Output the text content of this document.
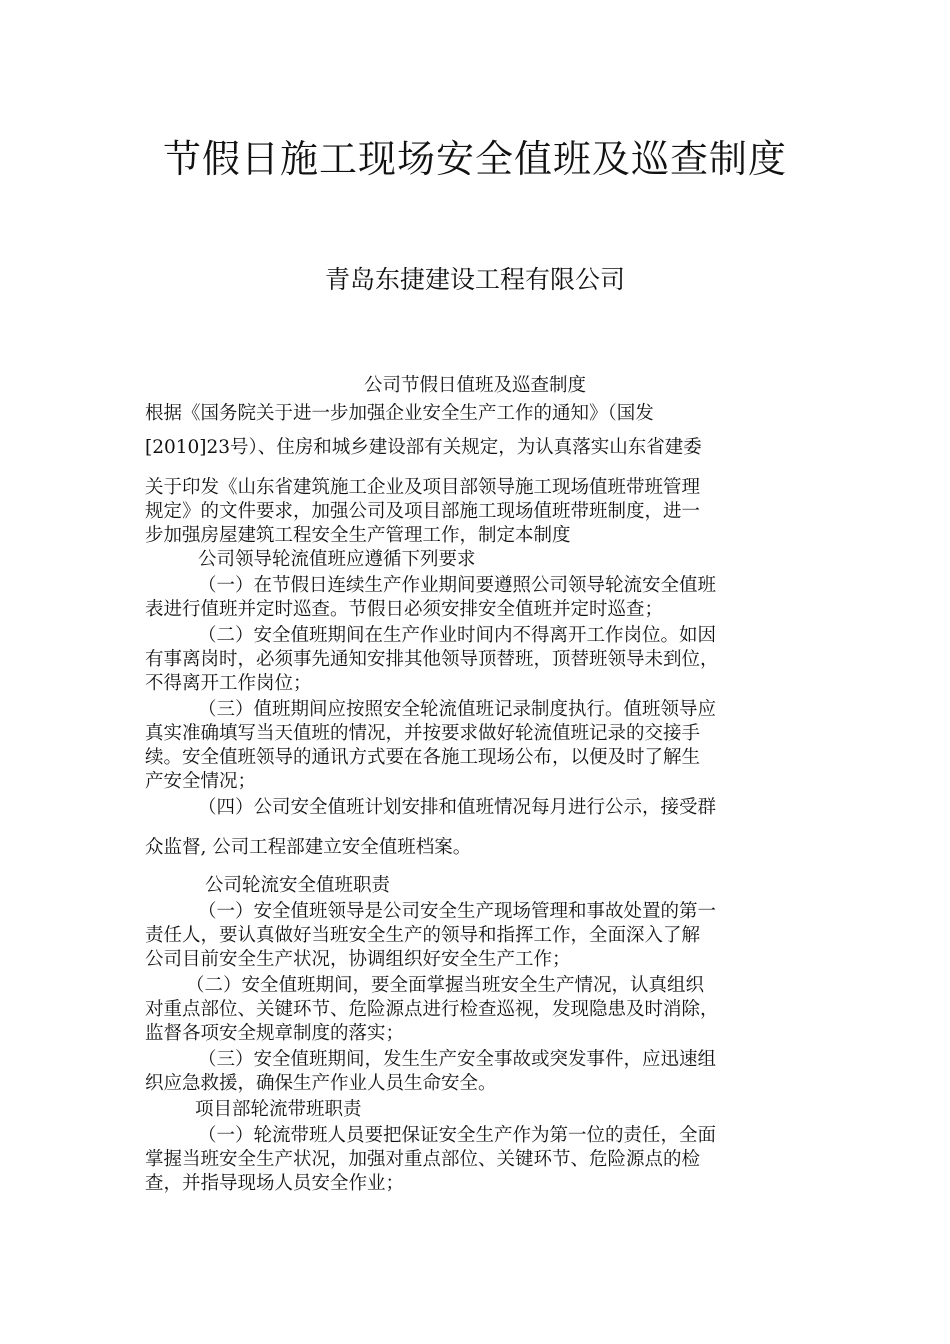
节假日施工现场安全值班及巡查制度
青岛东捷建设工程有限公司
公司节假日值班及巡查制度
根据《国务院关于进一步加强企业安全生产工作的通知》（国发
[2010]23号）、住房和城乡建设部有关规定，为认真落实山东省建委
关于印发《山东省建筑施工企业及项目部领导施工现场值班带班管理
规定》的文件要求，加强公司及项目部施工现场值班带班制度，进一
步加强房屋建筑工程安全生产管理工作，制定本制度
公司领导轮流值班应遵循下列要求
（一）在节假日连续生产作业期间要遵照公司领导轮流安全值班
表进行值班并定时巡查。节假日必须安排安全值班并定时巡查；
（二）安全值班期间在生产作业时间内不得离开工作岗位。如因
有事离岗时，必须事先通知安排其他领导顶替班，顶替班领导未到位，
不得离开工作岗位；
（三）值班期间应按照安全轮流值班记录制度执行。值班领导应
真实准确填写当天值班的情况，并按要求做好轮流值班记录的交接手
续。安全值班领导的通讯方式要在各施工现场公布，以便及时了解生
产安全情况；
（四）公司安全值班计划安排和值班情况每月进行公示，接受群
众监督, 公司工程部建立安全值班档案。
公司轮流安全值班职责
（一）安全值班领导是公司安全生产现场管理和事故处置的第一
责任人，要认真做好当班安全生产的领导和指挥工作，全面深入了解
公司目前安全生产状况，协调组织好安全生产工作；
（二）安全值班期间，要全面掌握当班安全生产情况，认真组织
对重点部位、关键环节、危险源点进行检查巡视，发现隐患及时消除，
监督各项安全规章制度的落实；
（三）安全值班期间，发生生产安全事故或突发事件，应迅速组
织应急救援，确保生产作业人员生命安全。
项目部轮流带班职责
（一）轮流带班人员要把保证安全生产作为第一位的责任，全面
掌握当班安全生产状况，加强对重点部位、关键环节、危险源点的检
查，并指导现场人员安全作业；
